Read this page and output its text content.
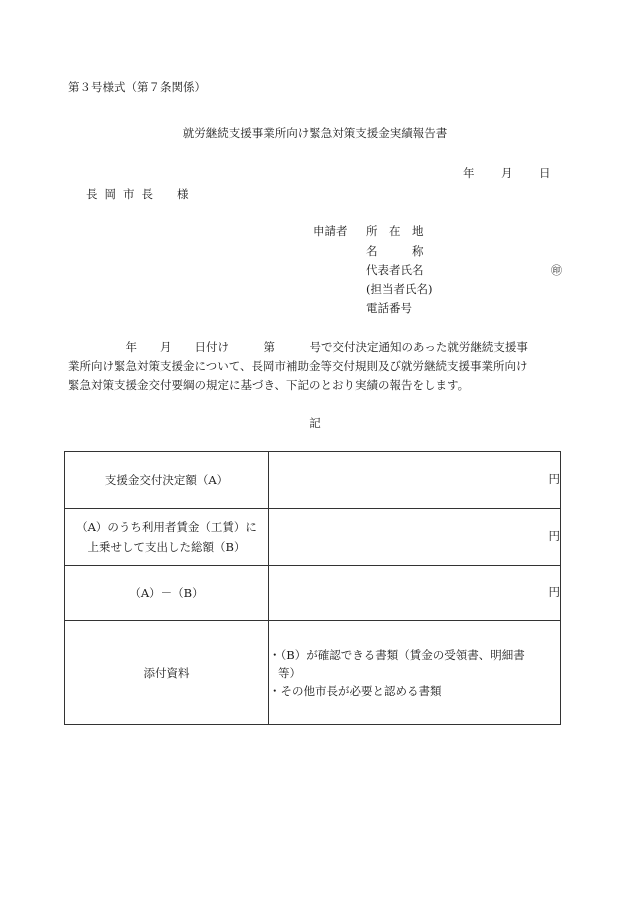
第３号様式（第７条関係）
就労継続支援事業所向け緊急対策支援金実績報告書
年 月 日
長岡市長 様
申請者 所　在　地
名　　　称
代表者氏名
(担当者氏名)
電話番号
㊞
　　　　　年　　月　　日付け　　　第　　　号で交付決定通知のあった就労継続支援事
業所向け緊急対策支援金について、長岡市補助金等交付規則及び就労継続支援事業所向け
緊急対策支援金交付要綱の規定に基づき、下記のとおり実績の報告をします。
記
支援金交付決定額（A）	円

（A）のうち利用者賃金（工賃）に
上乗せして支出した総額（B）	円
（A）－（B）	円
添付資料	・（B）が確認できる書類（賃金の受領書、明細書
等）
・その他市長が必要と認める書類
